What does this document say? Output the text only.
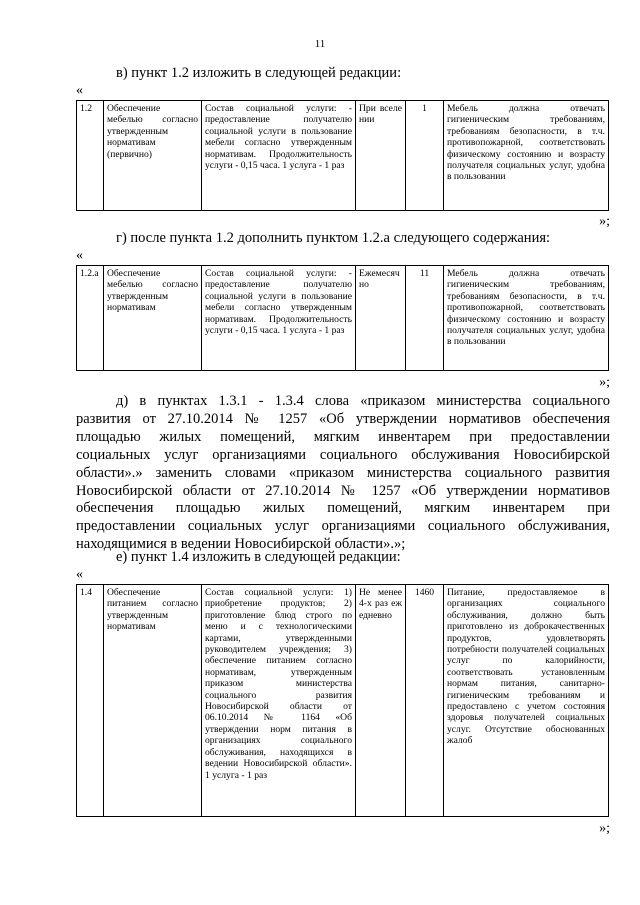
11
в) пункт 1.2 изложить в следующей редакции:
«
1.2	Обеспечение мебелью согласно утвержденным нормативам (первично)	Состав социальной услуги: - предоставление получателю социальной услуги в пользование мебели согласно утвержденным нормативам. Продолжительность услуги - 0,15 часа. 1 услуга - 1 раз	При вселении	1	Мебель должна отвечать гигиеническим требованиям, требованиям безопасности, в т.ч. противопожарной, соответствовать физическому состоянию и возрасту получателя социальных услуг, удобна в пользовании
»;
г) после пункта 1.2 дополнить пунктом 1.2.а следующего содержания:
«
1.2.а	Обеспечение мебелью согласно утвержденным нормативам	Состав социальной услуги: - предоставление получателю социальной услуги в пользование мебели согласно утвержденным нормативам. Продолжительность услуги - 0,15 часа. 1 услуга - 1 раз	Ежемесячно	11	Мебель должна отвечать гигиеническим требованиям, требованиям безопасности, в т.ч. противопожарной, соответствовать физическому состоянию и возрасту получателя социальных услуг, удобна в пользовании
»;
д) в пунктах 1.3.1 - 1.3.4 слова «приказом министерства социального
развития от 27.10.2014 № 1257 «Об утверждении нормативов обеспечения
площадью жилых помещений, мягким инвентарем при предоставлении
социальных услуг организациями социального обслуживания Новосибирской
области».» заменить словами «приказом министерства социального развития
Новосибирской области от 27.10.2014 № 1257 «Об утверждении нормативов
обеспечения площадью жилых помещений, мягким инвентарем при
предоставлении социальных услуг организациями социального обслуживания,
находящимися в ведении Новосибирской области».»;
е) пункт 1.4 изложить в следующей редакции:
«
1.4	Обеспечение питанием согласно утвержденным нормативам	Состав социальной услуги: 1) приобретение продуктов; 2) приготовление блюд строго по меню и с технологическими картами, утвержденными руководителем учреждения; 3) обеспечение питанием согласно нормативам, утвержденным приказом министерства социального развития Новосибирской области от 06.10.2014 № 1164 «Об утверждении норм питания в организациях социального обслуживания, находящихся в ведении Новосибирской области». 1 услуга - 1 раз	Не менее 4-х раз ежедневно	1460	Питание, предоставляемое в организациях социального обслуживания, должно быть приготовлено из доброкачественных продуктов, удовлетворять потребности получателей социальных услуг по калорийности, соответствовать установленным нормам питания, санитарно-гигиеническим требованиям и предоставлено с учетом состояния здоровья получателей социальных услуг. Отсутствие обоснованных жалоб
»;
